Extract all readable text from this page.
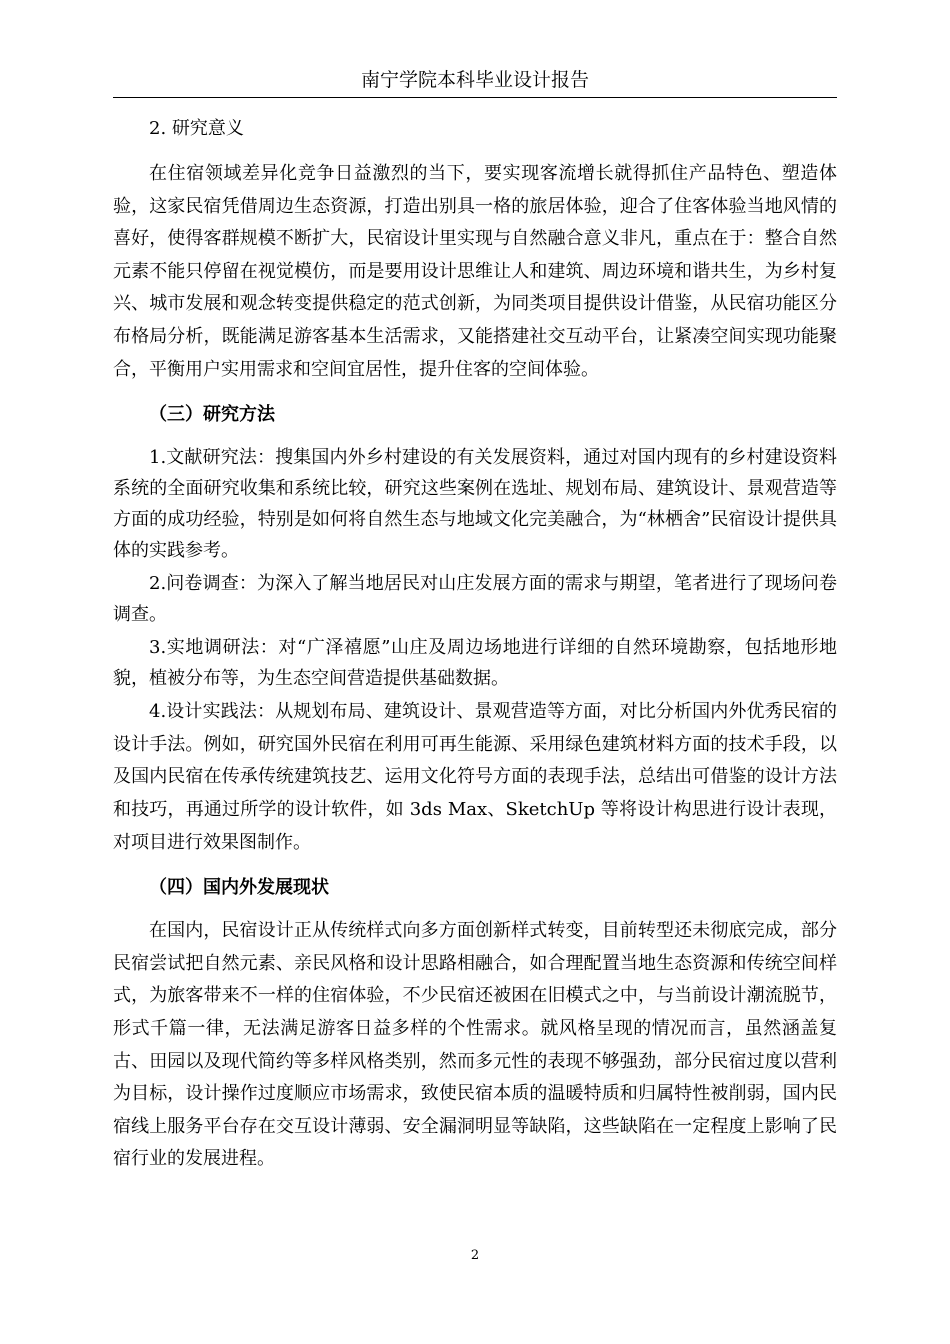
南宁学院本科毕业设计报告

2. 研究意义

在住宿领域差异化竞争日益激烈的当下，要实现客流增长就得抓住产品特色、塑造体验，这家民宿凭借周边生态资源，打造出别具一格的旅居体验，迎合了住客体验当地风情的喜好，使得客群规模不断扩大，民宿设计里实现与自然融合意义非凡，重点在于：整合自然元素不能只停留在视觉模仿，而是要用设计思维让人和建筑、周边环境和谐共生，为乡村复兴、城市发展和观念转变提供稳定的范式创新，为同类项目提供设计借鉴，从民宿功能区分布格局分析，既能满足游客基本生活需求，又能搭建社交互动平台，让紧凑空间实现功能聚合，平衡用户实用需求和空间宜居性，提升住客的空间体验。

（三）研究方法

1.文献研究法：搜集国内外乡村建设的有关发展资料，通过对国内现有的乡村建设资料系统的全面研究收集和系统比较，研究这些案例在选址、规划布局、建筑设计、景观营造等方面的成功经验，特别是如何将自然生态与地域文化完美融合，为“林栖舍”民宿设计提供具体的实践参考。

2.问卷调查：为深入了解当地居民对山庄发展方面的需求与期望，笔者进行了现场问卷调查。

3.实地调研法：对“广泽禧愿”山庄及周边场地进行详细的自然环境勘察，包括地形地貌，植被分布等，为生态空间营造提供基础数据。

4.设计实践法：从规划布局、建筑设计、景观营造等方面，对比分析国内外优秀民宿的设计手法。例如，研究国外民宿在利用可再生能源、采用绿色建筑材料方面的技术手段，以及国内民宿在传承传统建筑技艺、运用文化符号方面的表现手法，总结出可借鉴的设计方法和技巧，再通过所学的设计软件，如 3ds Max、SketchUp 等将设计构思进行设计表现，对项目进行效果图制作。

（四）国内外发展现状

在国内，民宿设计正从传统样式向多方面创新样式转变，目前转型还未彻底完成，部分民宿尝试把自然元素、亲民风格和设计思路相融合，如合理配置当地生态资源和传统空间样式，为旅客带来不一样的住宿体验，不少民宿还被困在旧模式之中，与当前设计潮流脱节，形式千篇一律，无法满足游客日益多样的个性需求。就风格呈现的情况而言，虽然涵盖复古、田园以及现代简约等多样风格类别，然而多元性的表现不够强劲，部分民宿过度以营利为目标，设计操作过度顺应市场需求，致使民宿本质的温暖特质和归属特性被削弱，国内民宿线上服务平台存在交互设计薄弱、安全漏洞明显等缺陷，这些缺陷在一定程度上影响了民宿行业的发展进程。

2
